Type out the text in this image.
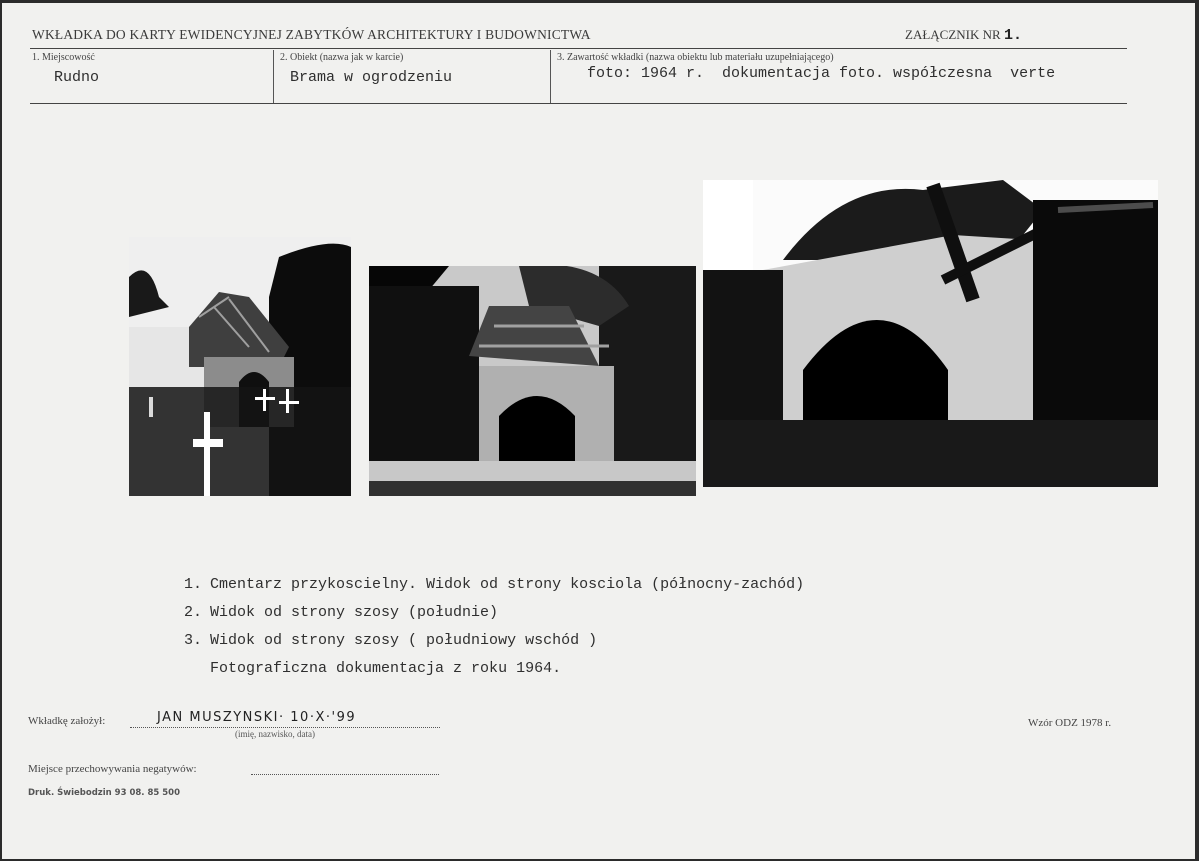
WKŁADKA DO KARTY EWIDENCYJNEJ ZABYTKÓW ARCHITEKTURY I BUDOWNICTWA	ZAŁĄCZNIK NR 1.
1. Miejscowość
Rudno
2. Obiekt (nazwa jak w karcie)
Brama w ogrodzeniu
3. Zawartość wkładki (nazwa obiektu lub materiału uzupełniającego)
foto: 1964 r.  dokumentacja foto. współczesna  verte

1. Cmentarz przykoscielny. Widok od strony kosciola (północny-zachód)

2. Widok od strony szosy (południe)

3. Widok od strony szosy ( południowy wschód )

Fotograficzna dokumentacja z roku 1964.

Wkładkę założył:	JAN MUSZYNSKI· 10·X·'99
(imię, nazwisko, data)
Wzór ODZ 1978 r.
Miejsce przechowywania negatywów:
Druk. Świebodzin 93 08. 85 500
